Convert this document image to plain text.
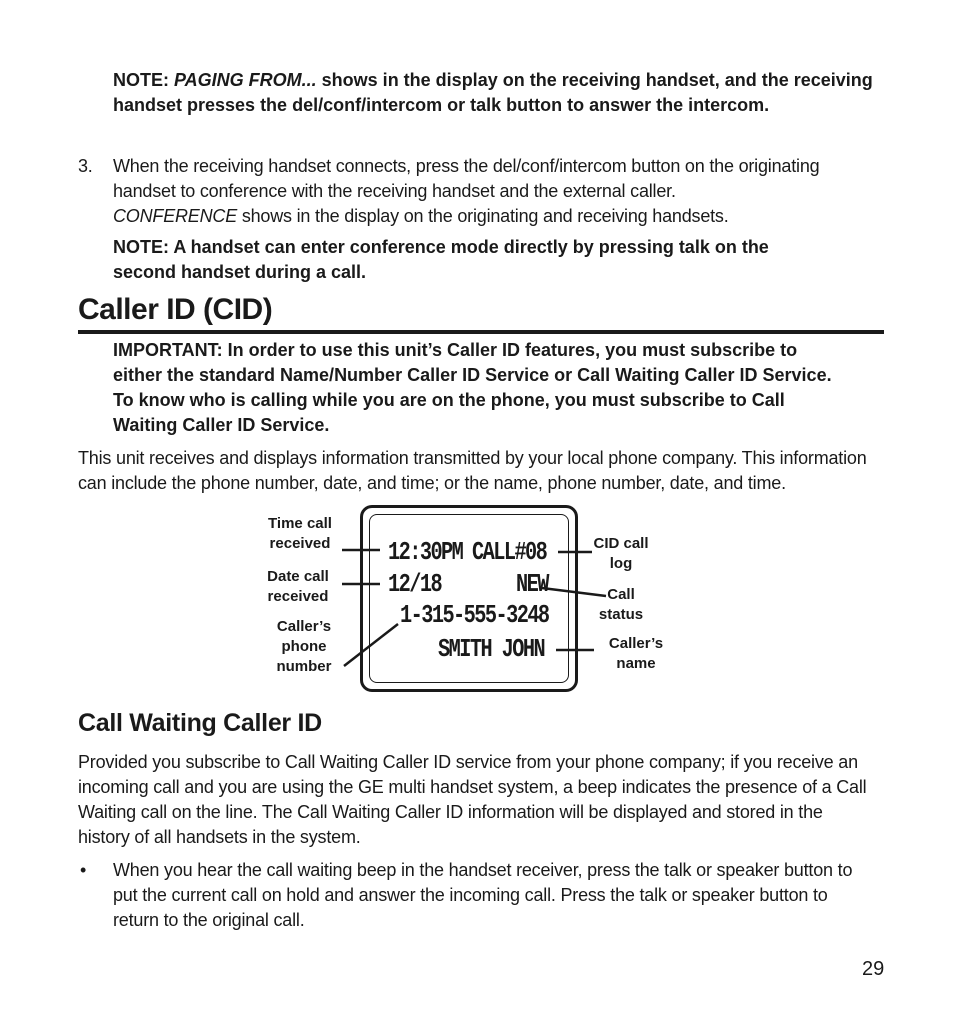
NOTE: PAGING FROM... shows in the display on the receiving handset, and the receiving handset presses the del/conf/intercom or talk button to answer the intercom.
3. When the receiving handset connects, press the del/conf/intercom button on the originating handset to conference with the receiving handset and the external caller.
CONFERENCE shows in the display on the originating and receiving handsets.
NOTE: A handset can enter conference mode directly by pressing talk on the second handset during a call.
Caller ID (CID)
IMPORTANT: In order to use this unit’s Caller ID features, you must subscribe to either the standard Name/Number Caller ID Service or Call Waiting Caller ID Service. To know who is calling while you are on the phone, you must subscribe to Call Waiting Caller ID Service.
This unit receives and displays information transmitted by your local phone company. This information can include the phone number, date, and time; or the name, phone number, date, and time.
12:30PM CALL#08
12/18	NEW
1-315-555-3248
SMITH JOHN
Time call
received
Date call
received
Caller’s
phone
number
CID call
log
Call
status
Caller’s
name
Call Waiting Caller ID
Provided you subscribe to Call Waiting Caller ID service from your phone company; if you receive an incoming call and you are using the GE multi handset system, a beep indicates the presence of a Call Waiting call on the line. The Call Waiting Caller ID information will be displayed and stored in the history of all handsets in the system.
• When you hear the call waiting beep in the handset receiver, press the talk or speaker button to put the current call on hold and answer the incoming call. Press the talk or speaker button to return to the original call.
29
